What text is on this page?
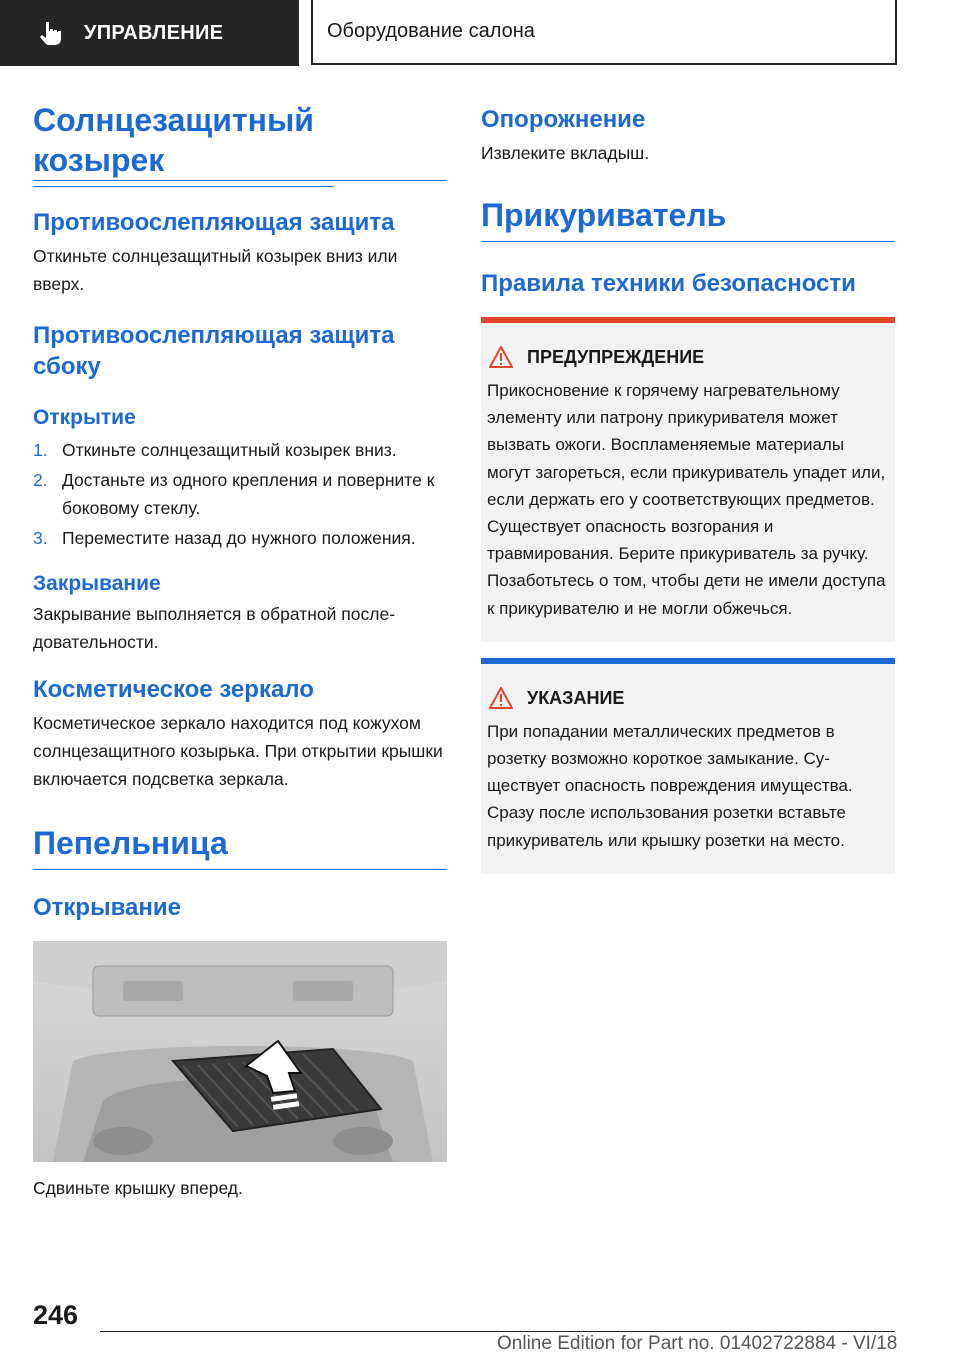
УПРАВЛЕНИЕ	Оборудование салона
Солнцезащитный козырек
Противоослепляющая защита

Откиньте солнцезащитный козырек вниз или вверх.

Противоослепляющая защита сбоку
Открытие
1. Откиньте солнцезащитный козырек вниз.
2. Достаньте из одного крепления и поверните к боковому стеклу.
3. Переместите назад до нужного положения.
Закрывание

Закрывание выполняется в обратной последовательности.

Косметическое зеркало

Косметическое зеркало находится под кожухом солнцезащитного козырька. При открытии крышки включается подсветка зеркала.

Пепельница
Открывание

Сдвиньте крышку вперед.

Опорожнение

Извлеките вкладыш.

Прикуриватель
Правила техники безопасности
ПРЕДУПРЕЖДЕНИЕ

Прикосновение к горячему нагревательному элементу или патрону прикуривателя может вызвать ожоги. Воспламеняемые материалы могут загореться, если прикуриватель упадет или, если держать его у соответствующих предметов. Существует опасность возгорания и травмирования. Берите прикуриватель за ручку. Позаботьтесь о том, чтобы дети не имели доступа к прикуривателю и не могли обжечься.

УКАЗАНИЕ

При попадании металлических предметов в розетку возможно короткое замыкание. Существует опасность повреждения имущества. Сразу после использования розетки вставьте прикуриватель или крышку розетки на место.

246
Online Edition for Part no. 01402722884 - VI/18
